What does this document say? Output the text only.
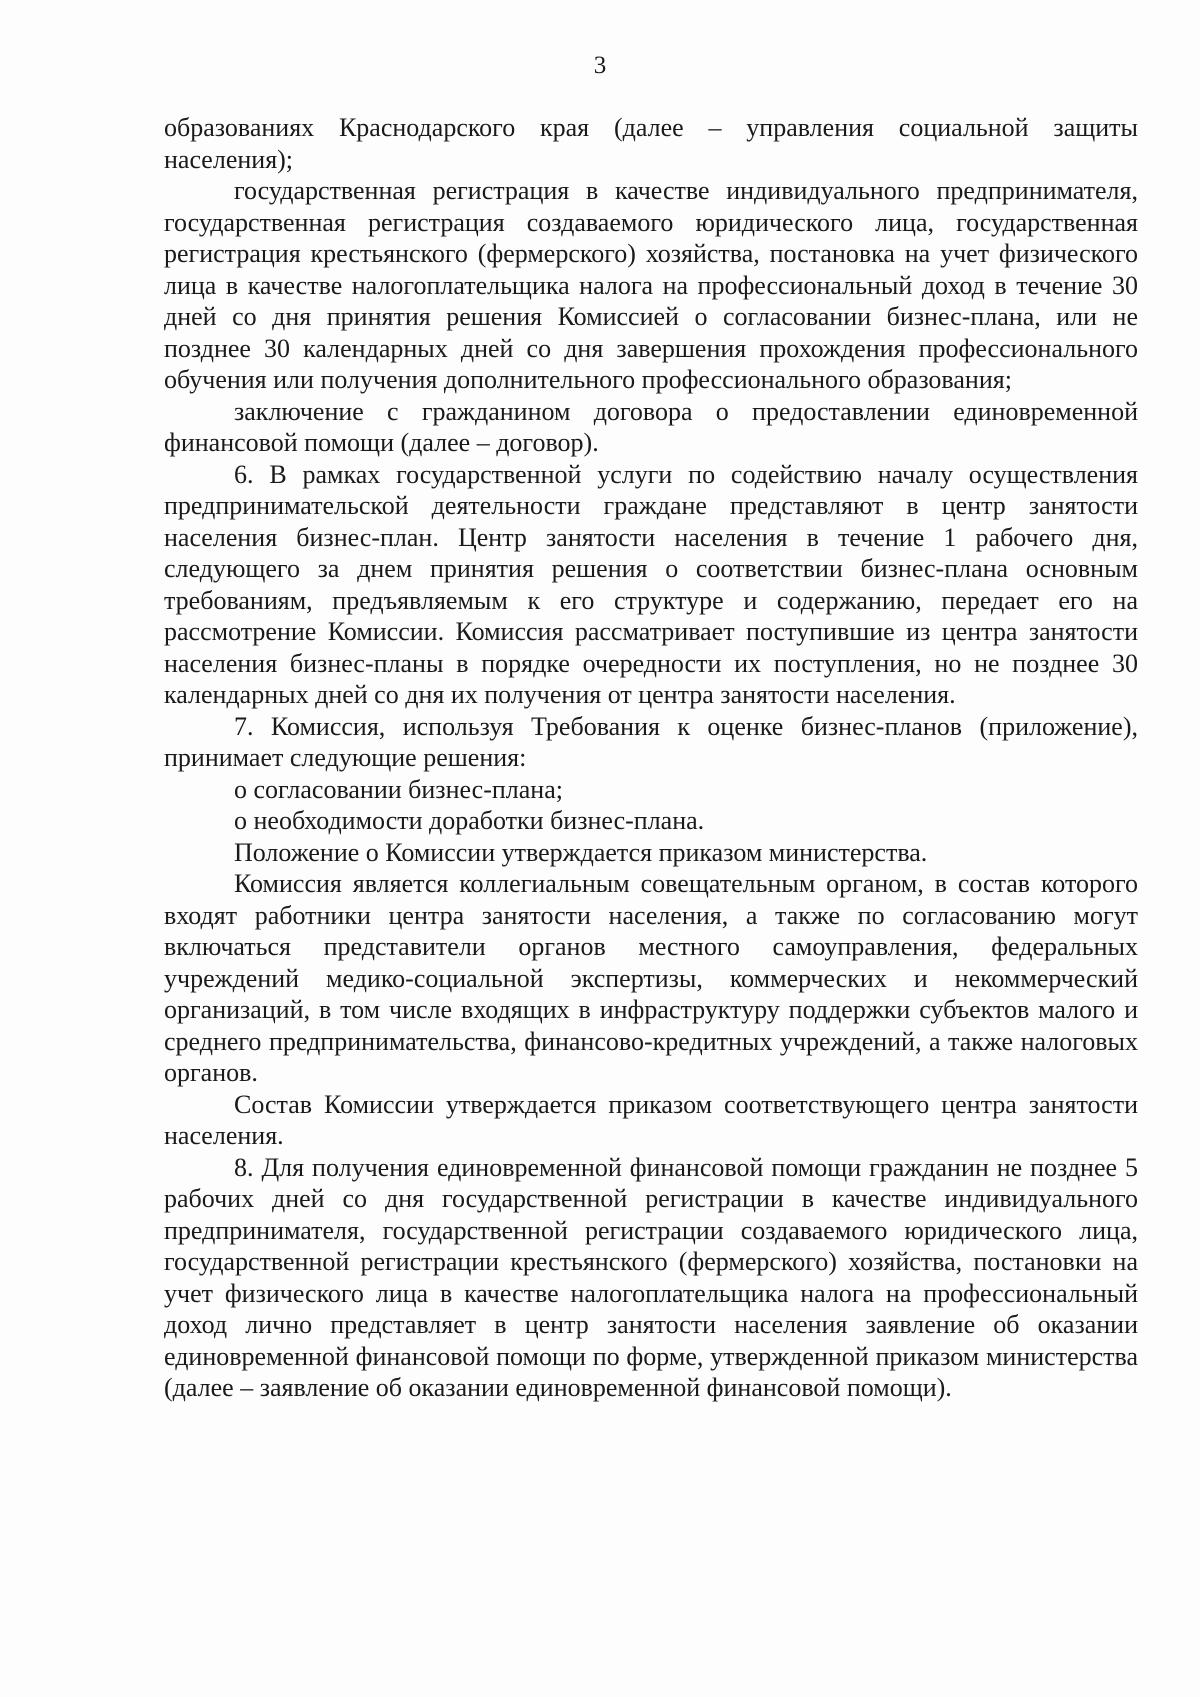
3

образованиях Краснодарского края (далее – управления социальной защиты населения);

государственная регистрация в качестве индивидуального предпринимателя, государственная регистрация создаваемого юридического лица, государственная регистрация крестьянского (фермерского) хозяйства, постановка на учет физического лица в качестве налогоплательщика налога на профессиональный доход в течение 30 дней со дня принятия решения Комиссией о согласовании бизнес-плана, или не позднее 30 календарных дней со дня завершения прохождения профессионального обучения или получения дополнительного профессионального образования;

заключение с гражданином договора о предоставлении единовременной финансовой помощи (далее – договор).

6. В рамках государственной услуги по содействию началу осуществления предпринимательской деятельности граждане представляют в центр занятости населения бизнес-план. Центр занятости населения в течение 1 рабочего дня, следующего за днем принятия решения о соответствии бизнес-плана основным требованиям, предъявляемым к его структуре и содержанию, передает его на рассмотрение Комиссии. Комиссия рассматривает поступившие из центра занятости населения бизнес-планы в порядке очередности их поступления, но не позднее 30 календарных дней со дня их получения от центра занятости населения.

7. Комиссия, используя Требования к оценке бизнес-планов (приложение), принимает следующие решения:

о согласовании бизнес-плана;

о необходимости доработки бизнес-плана.

Положение о Комиссии утверждается приказом министерства.

Комиссия является коллегиальным совещательным органом, в состав которого входят работники центра занятости населения, а также по согласованию могут включаться представители органов местного самоуправления, федеральных учреждений медико-социальной экспертизы, коммерческих и некоммерческий организаций, в том числе входящих в инфраструктуру поддержки субъектов малого и среднего предпринимательства, финансово-кредитных учреждений, а также налоговых органов.

Состав Комиссии утверждается приказом соответствующего центра занятости населения.

8. Для получения единовременной финансовой помощи гражданин не позднее 5 рабочих дней со дня государственной регистрации в качестве индивидуального предпринимателя, государственной регистрации создаваемого юридического лица, государственной регистрации крестьянского (фермерского) хозяйства, постановки на учет физического лица в качестве налогоплательщика налога на профессиональный доход лично представляет в центр занятости населения заявление об оказании единовременной финансовой помощи по форме, утвержденной приказом министерства (далее – заявление об оказании единовременной финансовой помощи).
